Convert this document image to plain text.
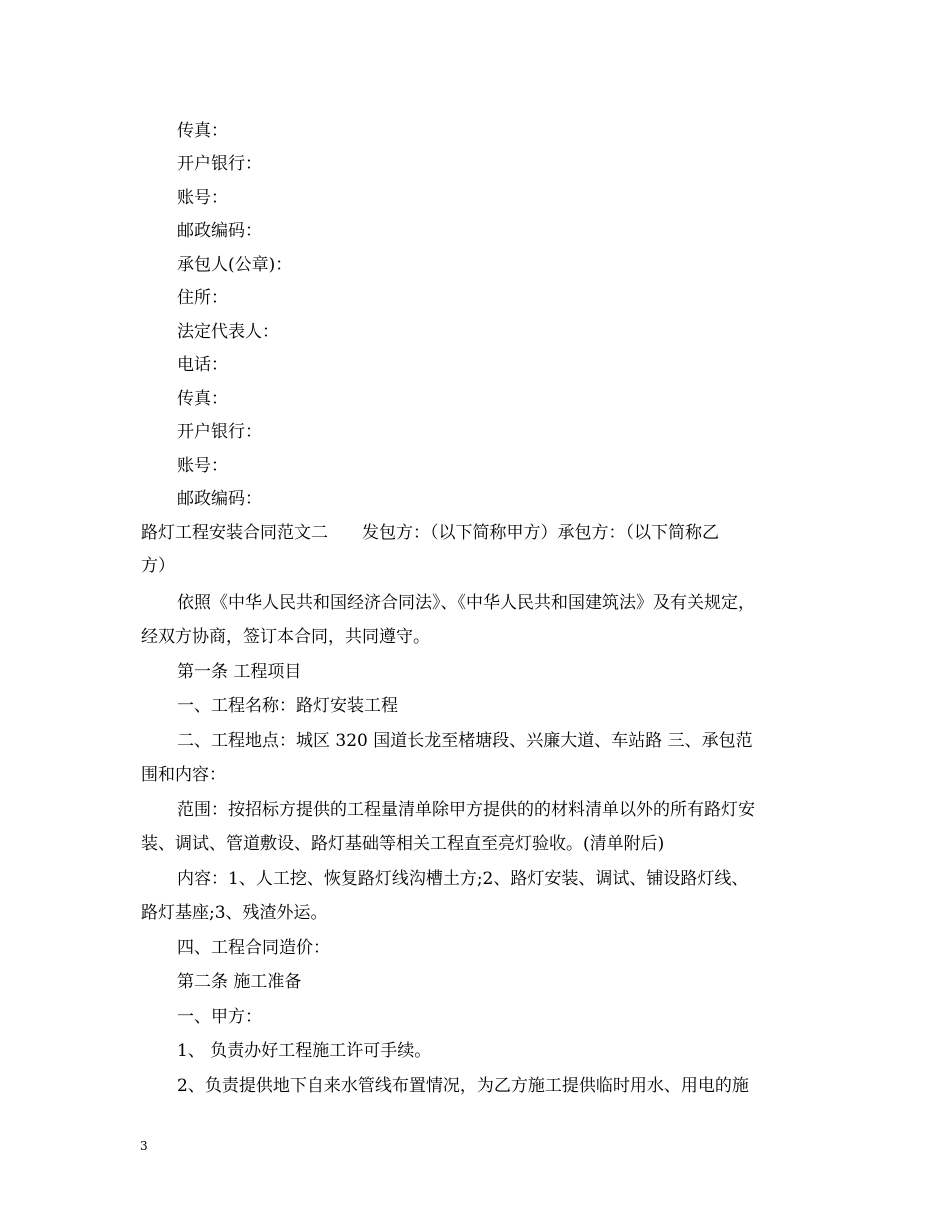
传真：
开户银行：
账号：
邮政编码：
承包人(公章)：
住所：
法定代表人：
电话：
传真：
开户银行：
账号：
邮政编码：
路灯工程安装合同范文二　　发包方：（以下简称甲方）承包方：（以下简称乙
方）
依照《中华人民共和国经济合同法》、《中华人民共和国建筑法》及有关规定，
经双方协商，签订本合同，共同遵守。
第一条 工程项目
一、工程名称：路灯安装工程
二、工程地点：城区 320 国道长龙至楮塘段、兴廉大道、车站路 三、承包范
围和内容：
范围：按招标方提供的工程量清单除甲方提供的的材料清单以外的所有路灯安
装、调试、管道敷设、路灯基础等相关工程直至亮灯验收。(清单附后)
内容：1、人工挖、恢复路灯线沟槽土方;2、路灯安装、调试、铺设路灯线、
路灯基座;3、残渣外运。
四、工程合同造价：
第二条 施工准备
一、甲方：
1、 负责办好工程施工许可手续。
2、负责提供地下自来水管线布置情况，为乙方施工提供临时用水、用电的施
3
